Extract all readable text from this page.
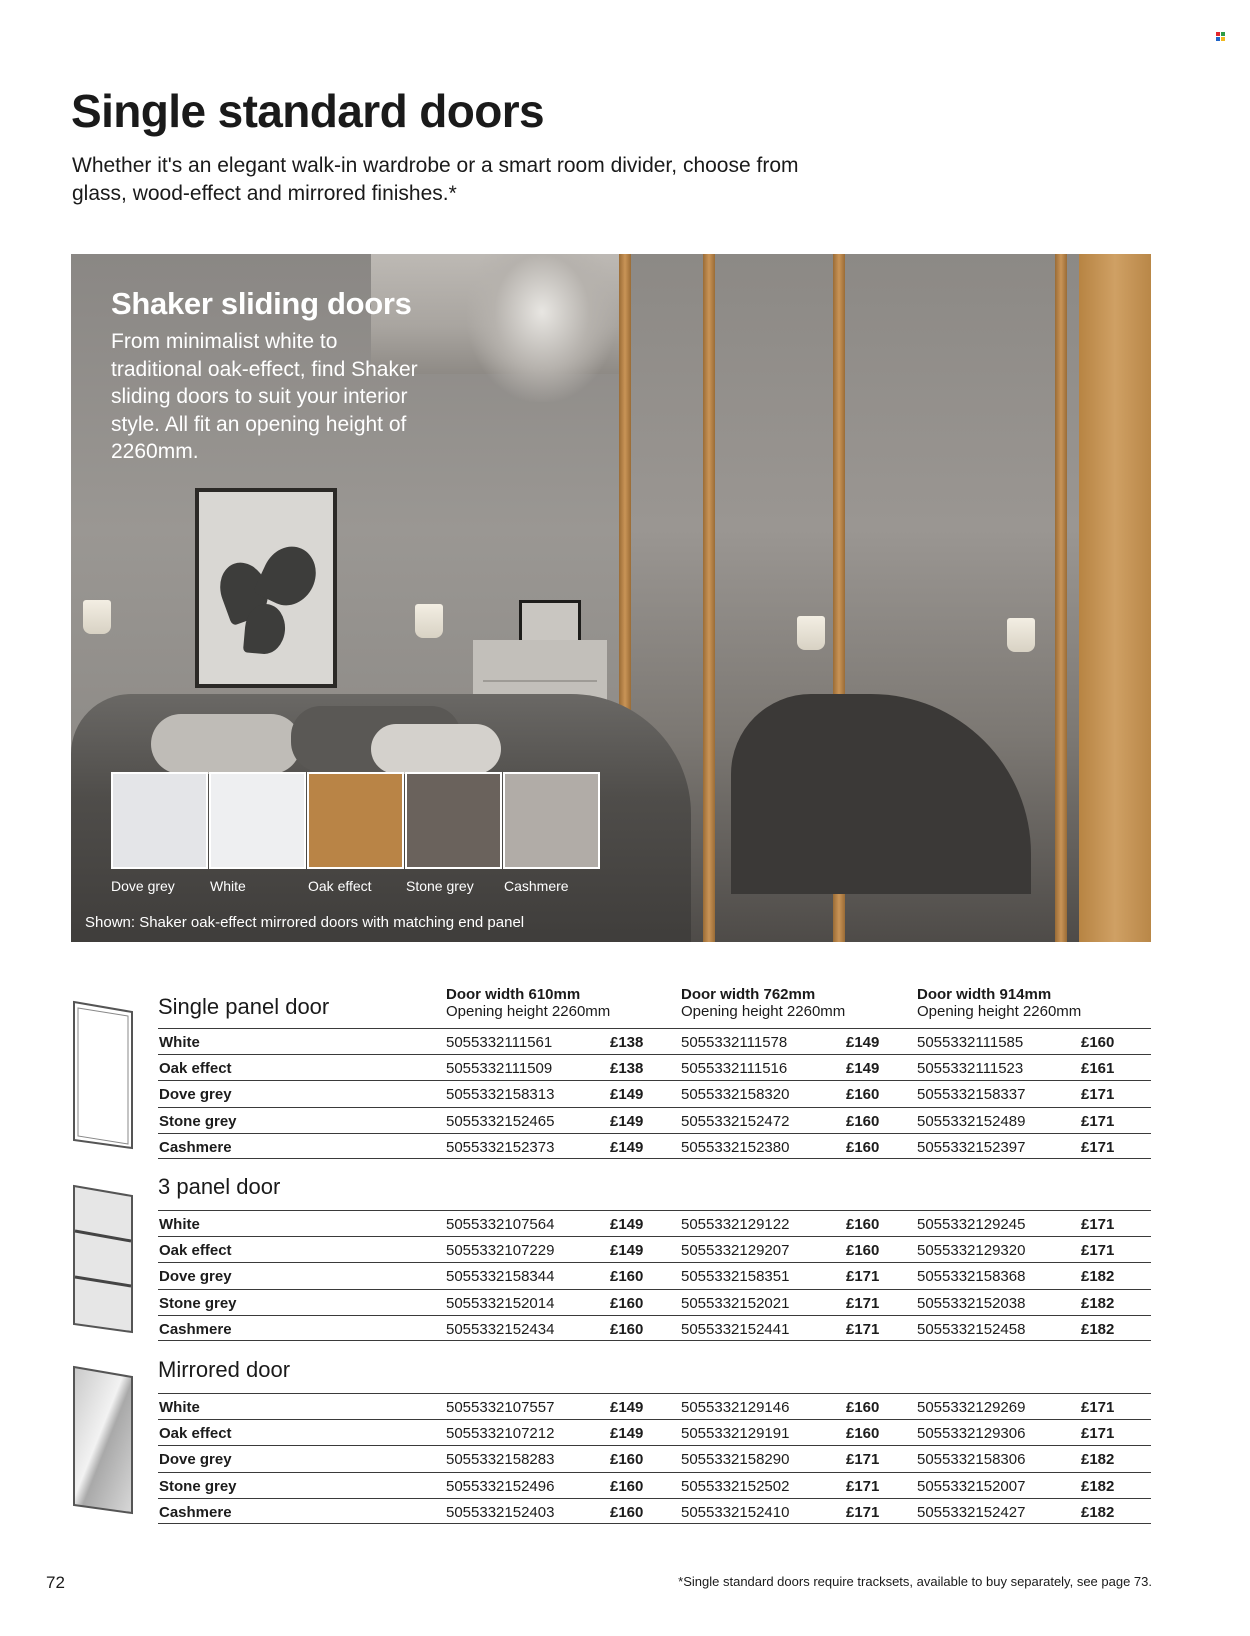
Single standard doors

Whether it's an elegant walk-in wardrobe or a smart room divider, choose from glass, wood-effect and mirrored finishes.*

Shaker sliding doors

From minimalist white to traditional oak-effect, find Shaker sliding doors to suit your interior style. All fit an opening height of 2260mm.

Dove grey	White	Oak effect Stone grey Cashmere
Shown: Shaker oak-effect mirrored doors with matching end panel
Single panel door	Door width 610mm
Opening height 2260mm
Door width 762mm
Opening height 2260mm
Door width 914mm
Opening height 2260mm
White	5055332111561	£138	5055332111578	£149	5055332111585	£160
Oak effect	5055332111509	£138	5055332111516	£149	5055332111523	£161
Dove grey	5055332158313	£149	5055332158320	£160	5055332158337	£171
Stone grey	5055332152465	£149	5055332152472	£160	5055332152489	£171
Cashmere	5055332152373	£149	5055332152380	£160	5055332152397	£171
3 panel door
White	5055332107564	£149	5055332129122	£160	5055332129245	£171
Oak effect	5055332107229	£149	5055332129207	£160	5055332129320	£171
Dove grey	5055332158344	£160	5055332158351	£171	5055332158368	£182
Stone grey	5055332152014	£160	5055332152021	£171	5055332152038	£182
Cashmere	5055332152434	£160	5055332152441	£171	5055332152458	£182
Mirrored door
White	5055332107557	£149	5055332129146	£160	5055332129269	£171
Oak effect	5055332107212	£149	5055332129191	£160	5055332129306	£171
Dove grey	5055332158283	£160	5055332158290	£171	5055332158306	£182
Stone grey	5055332152496	£160	5055332152502	£171	5055332152007	£182
Cashmere	5055332152403	£160	5055332152410	£171	5055332152427	£182
72	*Single standard doors require tracksets, available to buy separately, see page 73.
